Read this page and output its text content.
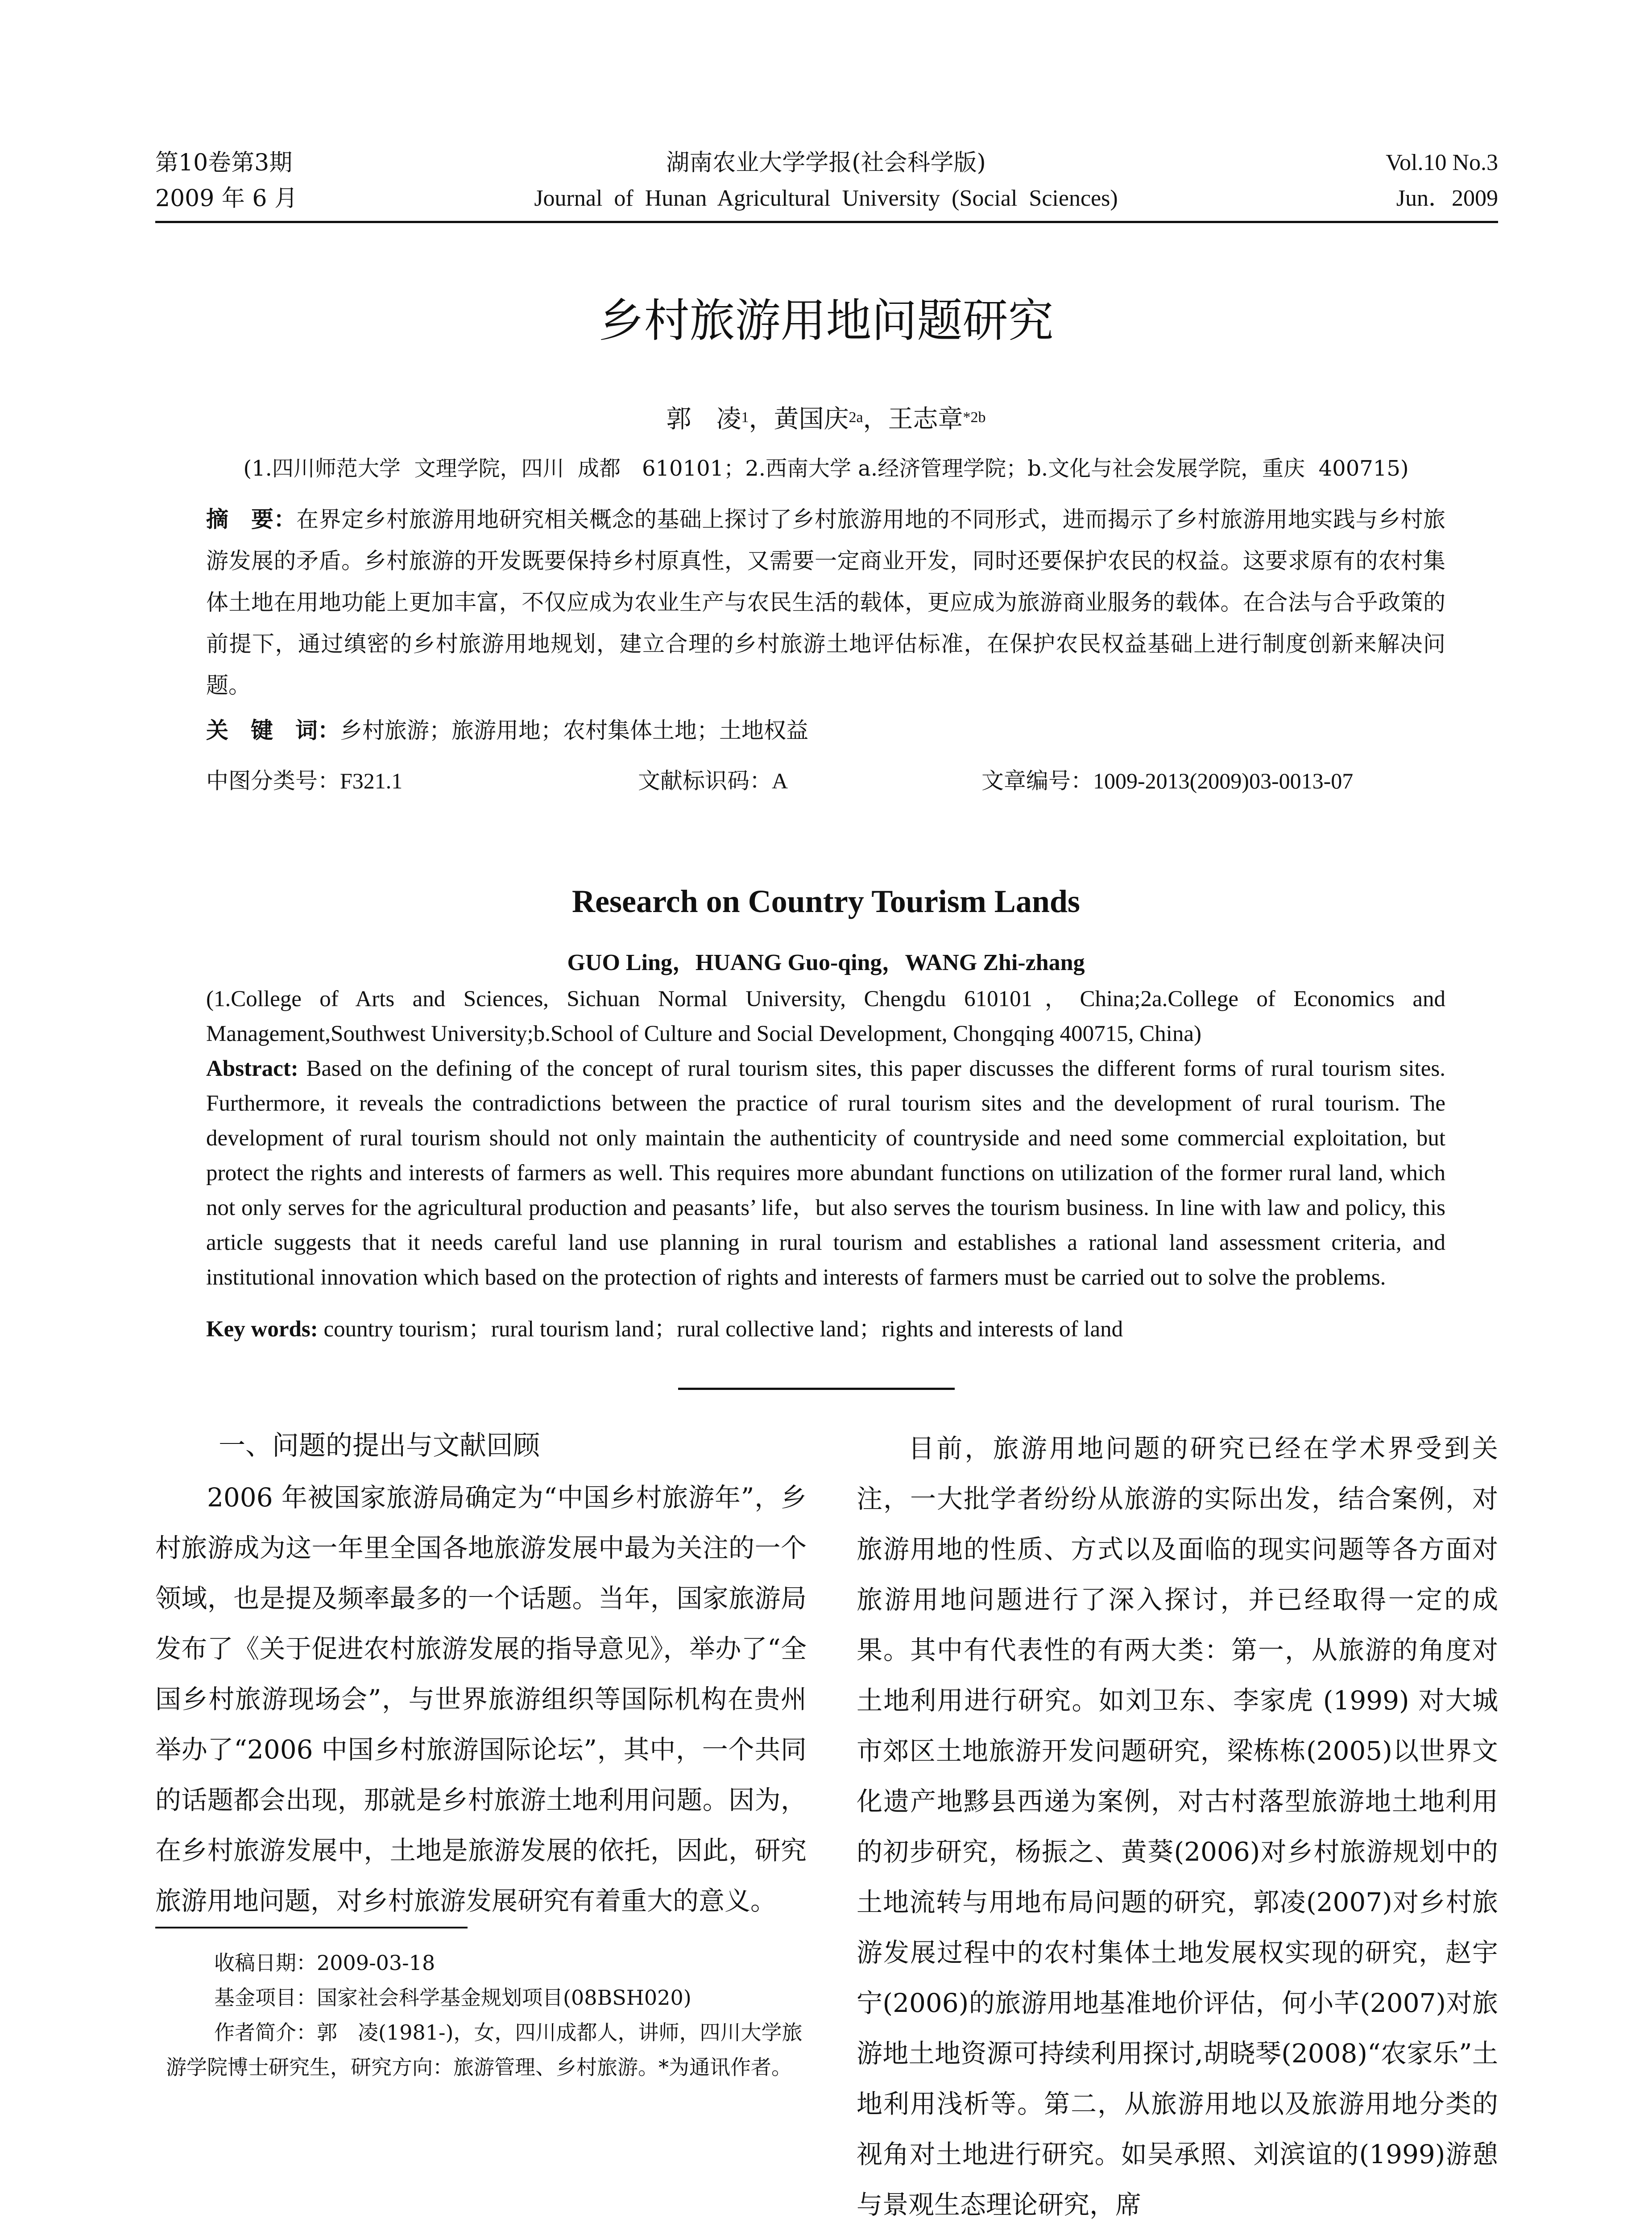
第10卷第3期
2009 年 6 月
湖南农业大学学报(社会科学版)
Journal  of  Hunan  Agricultural  University  (Social  Sciences)
Vol.10 No.3
Jun．2009
乡村旅游用地问题研究
郭　凌$^1$，黄国庆$^{2a}$，王志章$^{*2b}$
(1.四川师范大学  文理学院，四川  成都　610101；2.西南大学 a.经济管理学院；b.文化与社会发展学院，重庆  400715)
摘　要：在界定乡村旅游用地研究相关概念的基础上探讨了乡村旅游用地的不同形式，进而揭示了乡村旅游用地实践与乡村旅游发展的矛盾。乡村旅游的开发既要保持乡村原真性，又需要一定商业开发，同时还要保护农民的权益。这要求原有的农村集体土地在用地功能上更加丰富，不仅应成为农业生产与农民生活的载体，更应成为旅游商业服务的载体。在合法与合乎政策的前提下，通过缜密的乡村旅游用地规划，建立合理的乡村旅游土地评估标准，在保护农民权益基础上进行制度创新来解决问题。
关　键　词：乡村旅游；旅游用地；农村集体土地；土地权益
中图分类号：F321.1	文献标识码：A	文章编号：1009-2013(2009)03-0013-07
Research on Country Tourism Lands
GUO Ling，HUANG Guo-qing，WANG Zhi-zhang
(1.College of Arts and Sciences, Sichuan Normal University, Chengdu 610101，China;2a.College of Economics and Management,Southwest University;b.School of Culture and Social Development, Chongqing 400715, China)
Abstract: Based on the defining of the concept of rural tourism sites, this paper discusses the different forms of rural tourism sites. Furthermore, it reveals the contradictions between the practice of rural tourism sites and the development of rural tourism. The development of rural tourism should not only maintain the authenticity of countryside and need some commercial exploitation, but protect the rights and interests of farmers as well. This requires more abundant functions on utilization of the former rural land, which not only serves for the agricultural production and peasants’ life，but also serves the tourism business. In line with law and policy, this article suggests that it needs careful land use planning in rural tourism and establishes a rational land assessment criteria, and institutional innovation which based on the protection of rights and interests of farmers must be carried out to solve the problems.
Key words: country tourism；rural tourism land；rural collective land；rights and interests of land
一、问题的提出与文献回顾
2006 年被国家旅游局确定为“中国乡村旅游年”，乡村旅游成为这一年里全国各地旅游发展中最为关注的一个领域，也是提及频率最多的一个话题。当年，国家旅游局发布了《关于促进农村旅游发展的指导意见》，举办了“全国乡村旅游现场会”，与世界旅游组织等国际机构在贵州举办了“2006 中国乡村旅游国际论坛”，其中，一个共同的话题都会出现，那就是乡村旅游土地利用问题。因为，在乡村旅游发展中，土地是旅游发展的依托，因此，研究旅游用地问题，对乡村旅游发展研究有着重大的意义。
目前，旅游用地问题的研究已经在学术界受到关注，一大批学者纷纷从旅游的实际出发，结合案例，对旅游用地的性质、方式以及面临的现实问题等各方面对旅游用地问题进行了深入探讨，并已经取得一定的成果。其中有代表性的有两大类：第一，从旅游的角度对土地利用进行研究。如刘卫东、李家虎 (1999) 对大城市郊区土地旅游开发问题研究，梁栋栋(2005)以世界文化遗产地黟县西递为案例，对古村落型旅游地土地利用的初步研究，杨振之、黄葵(2006)对乡村旅游规划中的土地流转与用地布局问题的研究，郭凌(2007)对乡村旅游发展过程中的农村集体土地发展权实现的研究，赵宇宁(2006)的旅游用地基准地价评估，何小芊(2007)对旅游地土地资源可持续利用探讨,胡晓琴(2008)“农家乐”土地利用浅析等。第二，从旅游用地以及旅游用地分类的视角对土地进行研究。如吴承照、刘滨谊的(1999)游憩与景观生态理论研究，席

收稿日期：2009-03-18

基金项目：国家社会科学基金规划项目(08BSH020)

作者简介：郭　凌(1981-)，女，四川成都人，讲师，四川大学旅游学院博士研究生，研究方向：旅游管理、乡村旅游。*为通讯作者。
